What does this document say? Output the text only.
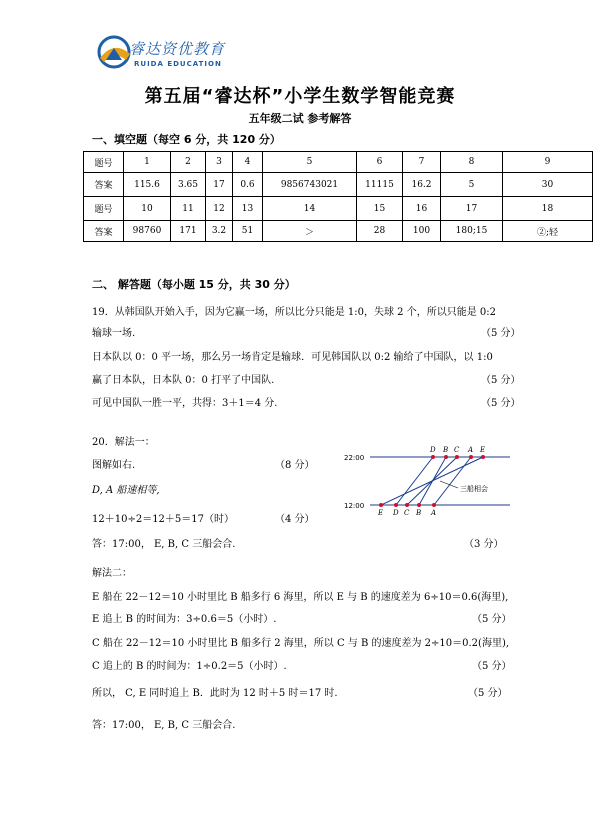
睿达资优教育
RUIDA EDUCATION
第五届“睿达杯”小学生数学智能竞赛
五年级二试 参考解答
一、填空题（每空 6 分，共 120 分）
题号	1	2	3	4	5	6	7	8	9
答案	115.6	3.65	17	0.6	9856743021	11115	16.2	5	30
题号	10	11	12	13	14	15	16	17	18
答案	98760	171	3.2	51	＞	28	100	180;15	②;轻
二、 解答题（每小题 15 分，共 30 分）
19．从韩国队开始入手，因为它赢一场，所以比分只能是 1:0，失球 2 个，所以只能是 0:2
输球一场.	（5 分）
日本队以 0：0 平一场，那么另一场肯定是输球．可见韩国队以 0:2 输给了中国队，以 1:0
赢了日本队，日本队 0：0 打平了中国队.	（5 分）
可见中国队一胜一平，共得：3＋1＝4 分.	（5 分）
20．解法一：
图解如右.	（8 分）
D, A 船速相等,
12＋10÷2＝12＋5＝17（时）	（4 分）
答：17:00， E, B, C 三船会合.	（3 分）
22:00
12:00
D B C A E
E D C B A
三船相会
解法二：
E 船在 22－12＝10 小时里比 B 船多行 6 海里，所以 E 与 B 的速度差为 6÷10＝0.6(海里),
E 追上 B 的时间为：3÷0.6＝5（小时）.	（5 分）
C 船在 22－12＝10 小时里比 B 船多行 2 海里，所以 C 与 B 的速度差为 2÷10＝0.2(海里),
C 追上的 B 的时间为：1÷0.2＝5（小时）.	（5 分）
所以， C, E 同时追上 B．此时为 12 时＋5 时＝17 时.	（5 分）
答：17:00， E, B, C 三船会合.
